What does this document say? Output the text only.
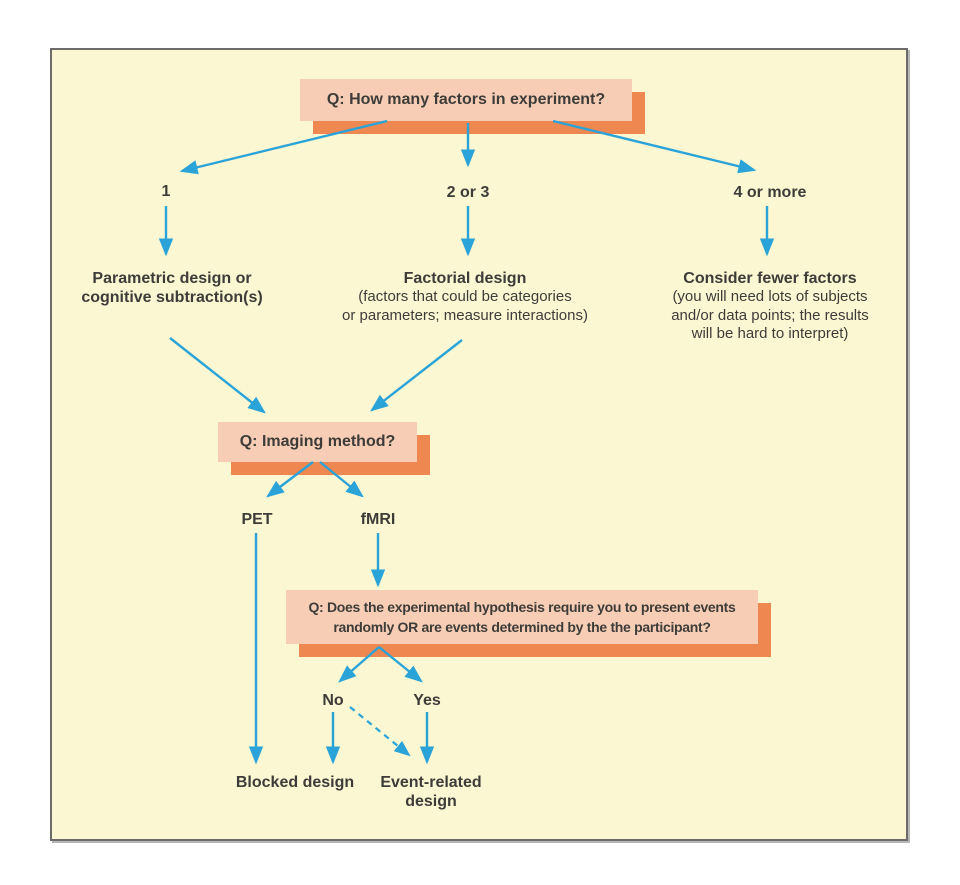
Q: How many factors in experiment?
Q: Imaging method?
Q: Does the experimental hypothesis require you to present events
randomly OR are events determined by the the participant?
1	2 or 3	4 or more
PET	fMRI
No	Yes
Parametric design or
cognitive subtraction(s)
Factorial design
(factors that could be categories
or parameters; measure interactions)
Consider fewer factors
(you will need lots of subjects
and/or data points; the results
will be hard to interpret)
Blocked design Event-related
design
